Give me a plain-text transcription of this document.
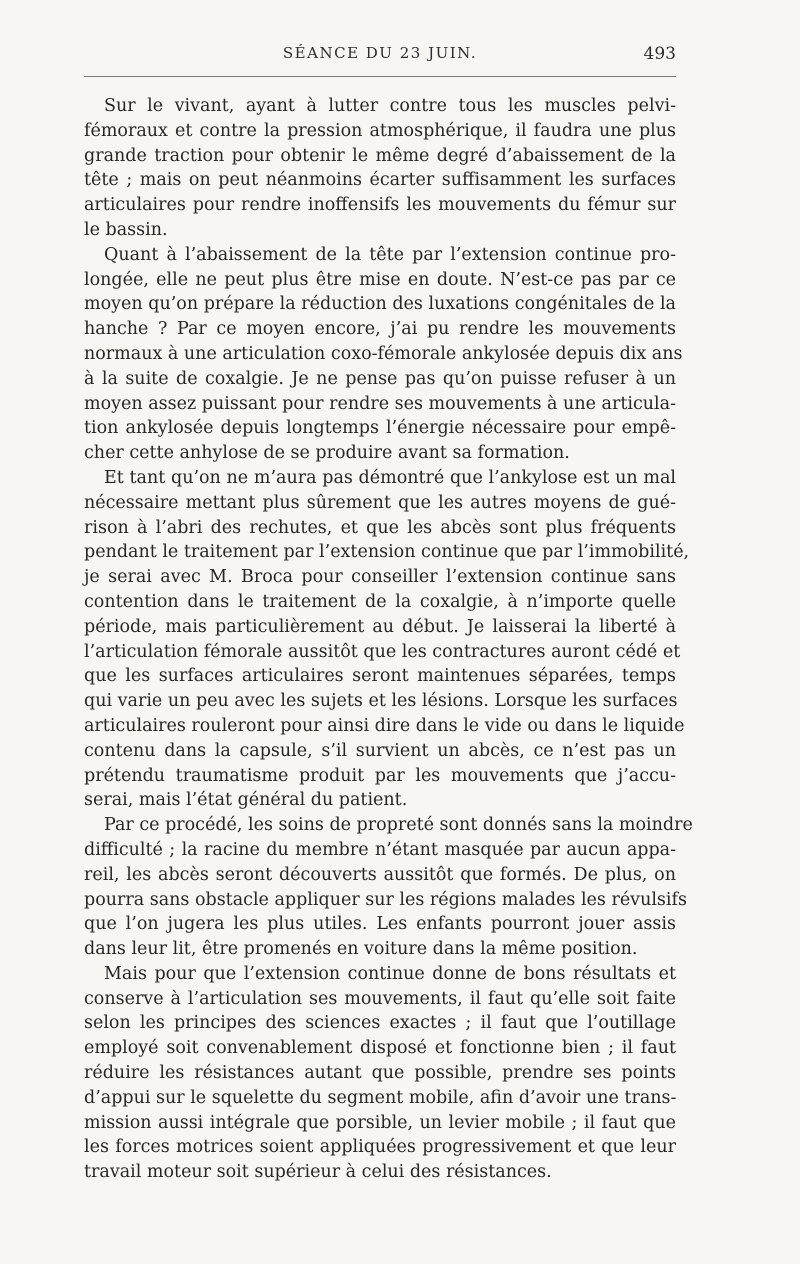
SÉANCE DU 23 JUIN.	493

Sur le vivant, ayant à lutter contre tous les muscles pelvi-
fémoraux et contre la pression atmosphérique, il faudra une plus
grande traction pour obtenir le même degré d’abaissement de la
tête ; mais on peut néanmoins écarter suffisamment les surfaces
articulaires pour rendre inoffensifs les mouvements du fémur sur
le bassin.

Quant à l’abaissement de la tête par l’extension continue pro-
longée, elle ne peut plus être mise en doute. N’est-ce pas par ce
moyen qu’on prépare la réduction des luxations congénitales de la
hanche ? Par ce moyen encore, j’ai pu rendre les mouvements
normaux à une articulation coxo-fémorale ankylosée depuis dix ans
à la suite de coxalgie. Je ne pense pas qu’on puisse refuser à un
moyen assez puissant pour rendre ses mouvements à une articula-
tion ankylosée depuis longtemps l’énergie nécessaire pour empê-
cher cette anhylose de se produire avant sa formation.

Et tant qu’on ne m’aura pas démontré que l’ankylose est un mal
nécessaire mettant plus sûrement que les autres moyens de gué-
rison à l’abri des rechutes, et que les abcès sont plus fréquents
pendant le traitement par l’extension continue que par l’immobilité,
je serai avec M. Broca pour conseiller l’extension continue sans
contention dans le traitement de la coxalgie, à n’importe quelle
période, mais particulièrement au début. Je laisserai la liberté à
l’articulation fémorale aussitôt que les contractures auront cédé et
que les surfaces articulaires seront maintenues séparées, temps
qui varie un peu avec les sujets et les lésions. Lorsque les surfaces
articulaires rouleront pour ainsi dire dans le vide ou dans le liquide
contenu dans la capsule, s’il survient un abcès, ce n’est pas un
prétendu traumatisme produit par les mouvements que j’accu-
serai, mais l’état général du patient.

Par ce procédé, les soins de propreté sont donnés sans la moindre
difficulté ; la racine du membre n’étant masquée par aucun appa-
reil, les abcès seront découverts aussitôt que formés. De plus, on
pourra sans obstacle appliquer sur les régions malades les révulsifs
que l’on jugera les plus utiles. Les enfants pourront jouer assis
dans leur lit, être promenés en voiture dans la même position.

Mais pour que l’extension continue donne de bons résultats et
conserve à l’articulation ses mouvements, il faut qu’elle soit faite
selon les principes des sciences exactes ; il faut que l’outillage
employé soit convenablement disposé et fonctionne bien ; il faut
réduire les résistances autant que possible, prendre ses points
d’appui sur le squelette du segment mobile, afin d’avoir une trans-
mission aussi intégrale que porsible, un levier mobile ; il faut que
les forces motrices soient appliquées progressivement et que leur
travail moteur soit supérieur à celui des résistances.
